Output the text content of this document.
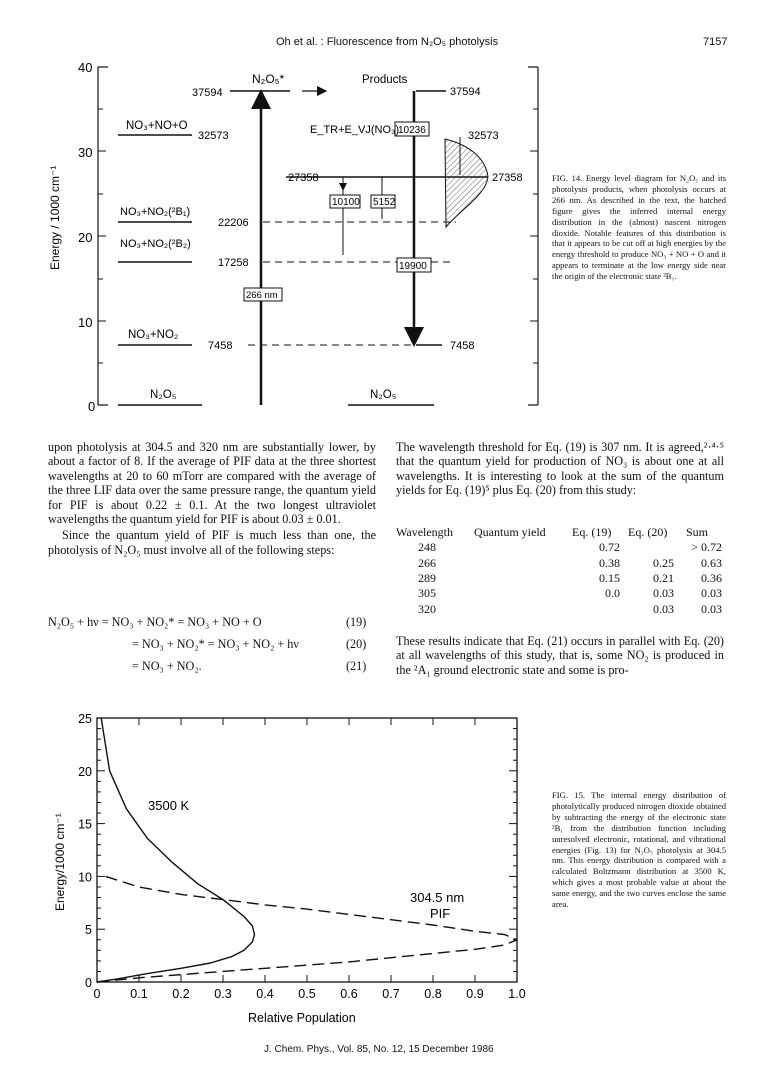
Oh et al. : Fluorescence from N₂O₅ photolysis	7157
40
30
20
10
0
Energy / 1000 cm⁻¹
10236
10100 5152
19900
266 nm
N₂O₅*	Products
37594	37594
NO₃+NO+O
32573	32573
E_TR+E_VJ(NO₃)
27358	27358
NO₃+NO₂(²B₁)
22206
NO₃+NO₂(²B₂)
17258
NO₃+NO₂
7458	7458
N₂O₅	N₂O₅
FIG. 14. Energy level diagram for N₂O₅ and its photolysis products, when photolysis occurs at 266 nm. As described in the text, the hatched figure gives the inferred internal energy distribution in the (almost) nascent nitrogen dioxide. Notable features of this distribution is that it appears to be cut off at high energies by the energy threshold to produce NO₃ + NO + O and it appears to terminate at the low energy side near the origin of the electronic state ²B₁.

upon photolysis at 304.5 and 320 nm are substantially lower, by about a factor of 8. If the average of PIF data at the three shortest wavelengths at 20 to 60 mTorr are compared with the average of the three LIF data over the same pressure range, the quantum yield for PIF is about 0.22 ± 0.1. At the two longest ultraviolet wavelengths the quantum yield for PIF is about 0.03 ± 0.01.

Since the quantum yield of PIF is much less than one, the photolysis of N₂O₅ must involve all of the following steps:

N₂O₅ + hν = NO₃ + NO₂* = NO₃ + NO + O	(19)
= NO₃ + NO₂* = NO₃ + NO₂ + hν	(20)
= NO₃ + NO₂.	(21)
The wavelength threshold for Eq. (19) is 307 nm. It is agreed,²·⁴·⁵ that the quantum yield for production of NO₃ is about one at all wavelengths. It is interesting to look at the sum of the quantum yields for Eq. (19)⁵ plus Eq. (20) from this study:
Wavelength	Quantum yield	Eq. (19)	Eq. (20)	Sum
248		0.72		> 0.72
266		0.38	0.25	0.63
289		0.15	0.21	0.36
305		0.0	0.03	0.03
320			0.03	0.03
These results indicate that Eq. (21) occurs in parallel with Eq. (20) at all wavelengths of this study, that is, some NO₂ is produced in the ²A₁ ground electronic state and some is pro-
0 0.1 0.2 0.3 0.4 0.5 0.6 0.7 0.8 0.9 1.0
0
5
10
15
20
25
Relative Population
Energy/1000 cm⁻¹
3500 K
304.5 nm
PIF
FIG. 15. The internal energy distribution of photolytically produced nitrogen dioxide obtained by subtracting the energy of the electronic state ²B₁ from the distribution function including unresolved electronic, rotational, and vibrational energies (Fig. 13) for N₂O₅ photolysis at 304.5 nm. This energy distribution is compared with a calculated Boltzmann distribution at 3500 K, which gives a most probable value at about the same energy, and the two curves enclose the same area.
J. Chem. Phys., Vol. 85, No. 12, 15 December 1986
